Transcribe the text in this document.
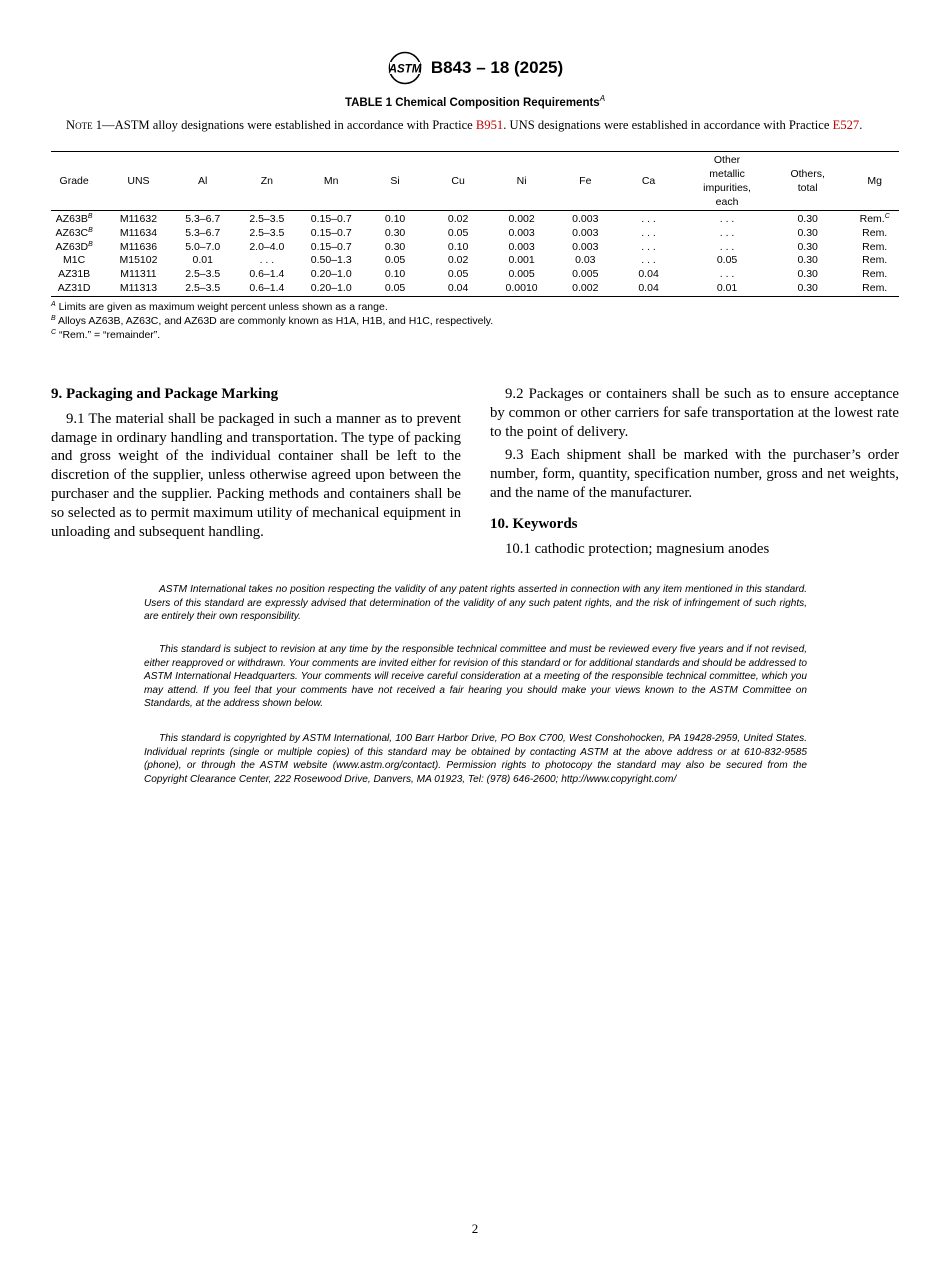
ASTM B843 – 18 (2025)
TABLE 1 Chemical Composition Requirements$^A$
Note 1—ASTM alloy designations were established in accordance with Practice B951. UNS designations were established in accordance with Practice E527.
Grade	UNS	Al	Zn	Mn	Si	Cu	Ni	Fe	Ca	Other metallic impurities, each	Others, total	Mg
$AZ63B^B$	M11632	5.3–6.7	2.5–3.5	0.15–0.7	0.10	0.02	0.002	0.003	. . .	. . .	0.30	Rem.$^C$
$AZ63C^B$	M11634	5.3–6.7	2.5–3.5	0.15–0.7	0.30	0.05	0.003	0.003	. . .	. . .	0.30	Rem.
$AZ63D^B$	M11636	5.0–7.0	2.0–4.0	0.15–0.7	0.30	0.10	0.003	0.003	. . .	. . .	0.30	Rem.
M1C	M15102	0.01	. . .	0.50–1.3	0.05	0.02	0.001	0.03	. . .	0.05	0.30	Rem.
AZ31B	M11311	2.5–3.5	0.6–1.4	0.20–1.0	0.10	0.05	0.005	0.005	0.04	. . .	0.30	Rem.
AZ31D	M11313	2.5–3.5	0.6–1.4	0.20–1.0	0.05	0.04	0.0010	0.002	0.04	0.01	0.30	Rem.
$^A$ Limits are given as maximum weight percent unless shown as a range.
$^B$ Alloys AZ63B, AZ63C, and AZ63D are commonly known as H1A, H1B, and H1C, respectively.
$^C$ “Rem.” = “remainder”.
9. Packaging and Package Marking

9.1 The material shall be packaged in such a manner as to prevent damage in ordinary handling and transportation. The type of packing and gross weight of the individual container shall be left to the discretion of the supplier, unless otherwise agreed upon between the purchaser and the supplier. Packing methods and containers shall be so selected as to permit maximum utility of mechanical equipment in unloading and subsequent handling.

9.2 Packages or containers shall be such as to ensure acceptance by common or other carriers for safe transportation at the lowest rate to the point of delivery.

9.3 Each shipment shall be marked with the purchaser’s order number, form, quantity, specification number, gross and net weights, and the name of the manufacturer.

10. Keywords

10.1 cathodic protection; magnesium anodes

ASTM International takes no position respecting the validity of any patent rights asserted in connection with any item mentioned in this standard. Users of this standard are expressly advised that determination of the validity of any such patent rights, and the risk of infringement of such rights, are entirely their own responsibility.

This standard is subject to revision at any time by the responsible technical committee and must be reviewed every five years and if not revised, either reapproved or withdrawn. Your comments are invited either for revision of this standard or for additional standards and should be addressed to ASTM International Headquarters. Your comments will receive careful consideration at a meeting of the responsible technical committee, which you may attend. If you feel that your comments have not received a fair hearing you should make your views known to the ASTM Committee on Standards, at the address shown below.

This standard is copyrighted by ASTM International, 100 Barr Harbor Drive, PO Box C700, West Conshohocken, PA 19428-2959, United States. Individual reprints (single or multiple copies) of this standard may be obtained by contacting ASTM at the above address or at 610-832-9585 (phone), or through the ASTM website (www.astm.org/contact). Permission rights to photocopy the standard may also be secured from the Copyright Clearance Center, 222 Rosewood Drive, Danvers, MA 01923, Tel: (978) 646-2600; http://www.copyright.com/

2
